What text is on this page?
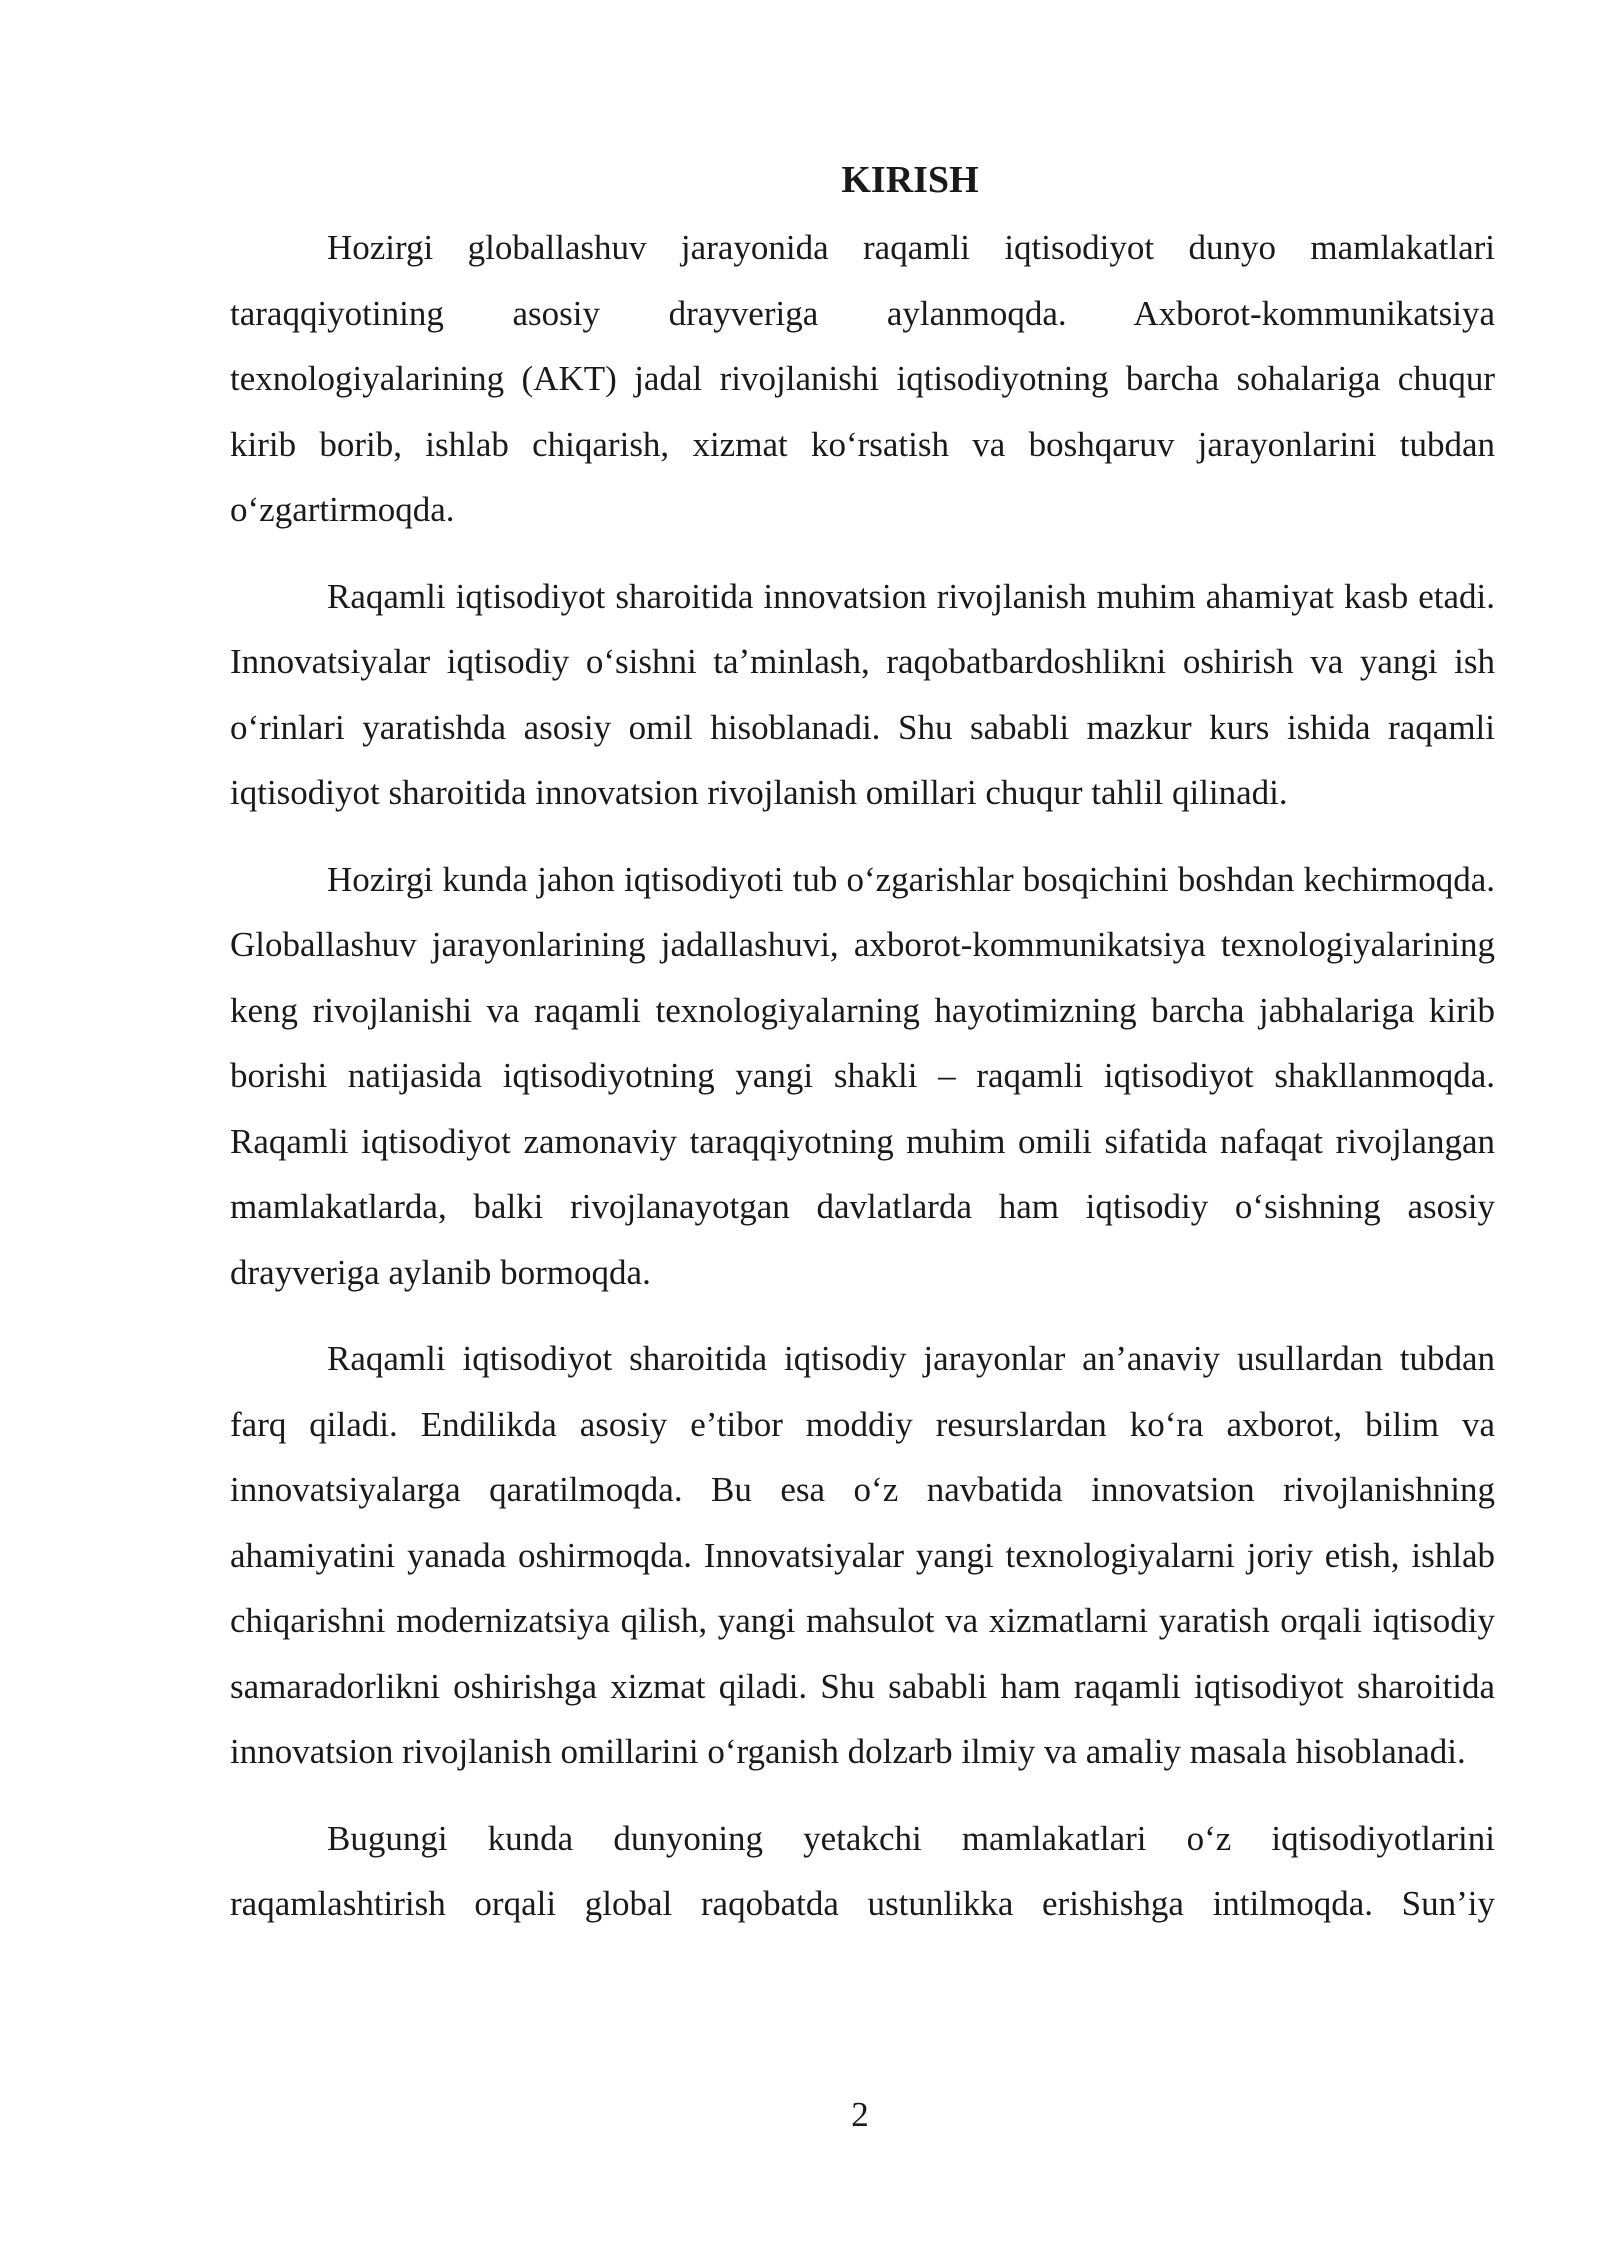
KIRISH

Hozirgi globallashuv jarayonida raqamli iqtisodiyot dunyo mamlakatlari taraqqiyotining asosiy drayveriga aylanmoqda. Axborot-kommunikatsiya texnologiyalarining (AKT) jadal rivojlanishi iqtisodiyotning barcha sohalariga chuqur kirib borib, ishlab chiqarish, xizmat koʻrsatish va boshqaruv jarayonlarini tubdan oʻzgartirmoqda.

Raqamli iqtisodiyot sharoitida innovatsion rivojlanish muhim ahamiyat kasb etadi. Innovatsiyalar iqtisodiy oʻsishni taʼminlash, raqobatbardoshlikni oshirish va yangi ish oʻrinlari yaratishda asosiy omil hisoblanadi. Shu sababli mazkur kurs ishida raqamli iqtisodiyot sharoitida innovatsion rivojlanish omillari chuqur tahlil qilinadi.

Hozirgi kunda jahon iqtisodiyoti tub oʻzgarishlar bosqichini boshdan kechirmoqda. Globallashuv jarayonlarining jadallashuvi, axborot-kommunikatsiya texnologiyalarining keng rivojlanishi va raqamli texnologiyalarning hayotimizning barcha jabhalariga kirib borishi natijasida iqtisodiyotning yangi shakli – raqamli iqtisodiyot shakllanmoqda. Raqamli iqtisodiyot zamonaviy taraqqiyotning muhim omili sifatida nafaqat rivojlangan mamlakatlarda, balki rivojlanayotgan davlatlarda ham iqtisodiy oʻsishning asosiy drayveriga aylanib bormoqda.

Raqamli iqtisodiyot sharoitida iqtisodiy jarayonlar an’anaviy usullardan tubdan farq qiladi. Endilikda asosiy e’tibor moddiy resurslardan koʻra axborot, bilim va innovatsiyalarga qaratilmoqda. Bu esa oʻz navbatida innovatsion rivojlanishning ahamiyatini yanada oshirmoqda. Innovatsiyalar yangi texnologiyalarni joriy etish, ishlab chiqarishni modernizatsiya qilish, yangi mahsulot va xizmatlarni yaratish orqali iqtisodiy samaradorlikni oshirishga xizmat qiladi. Shu sababli ham raqamli iqtisodiyot sharoitida innovatsion rivojlanish omillarini oʻrganish dolzarb ilmiy va amaliy masala hisoblanadi.

Bugungi kunda dunyoning yetakchi mamlakatlari oʻz iqtisodiyotlarini raqamlashtirish orqali global raqobatda ustunlikka erishishga intilmoqda. Sun’iy

2
